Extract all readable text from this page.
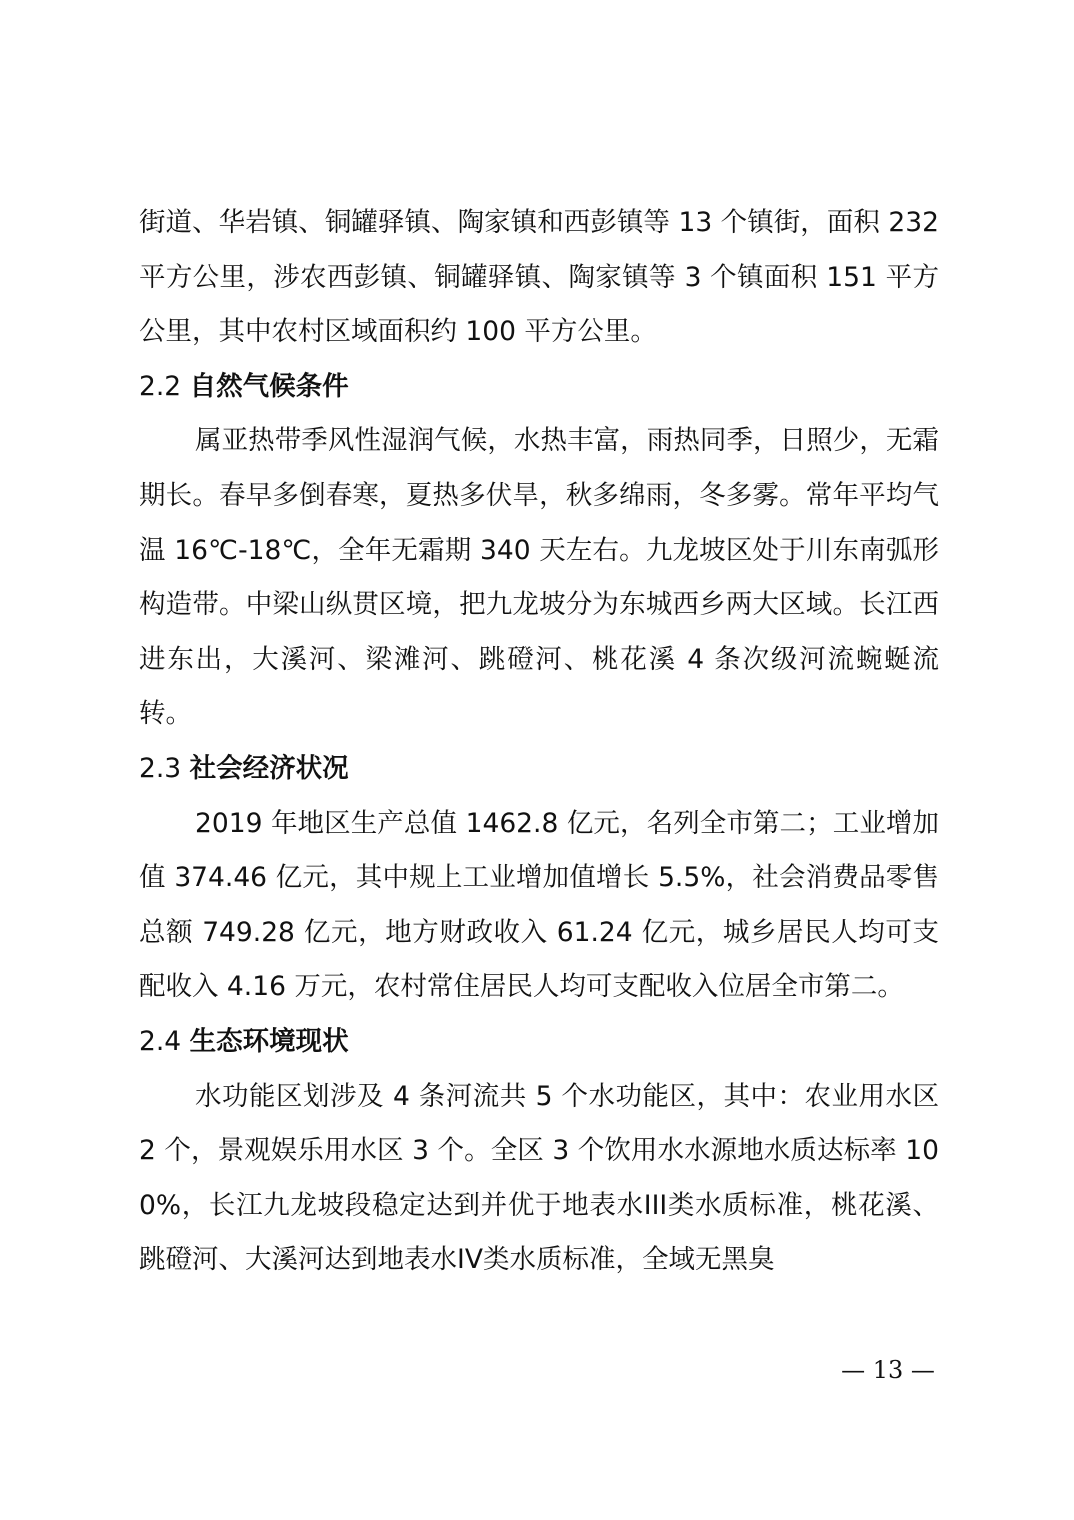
街道、华岩镇、铜罐驿镇、陶家镇和西彭镇等 13 个镇街，面积 232 平方公里，涉农西彭镇、铜罐驿镇、陶家镇等 3 个镇面积 151 平方公里，其中农村区域面积约 100 平方公里。

2.2 自然气候条件

属亚热带季风性湿润气候，水热丰富，雨热同季，日照少，无霜期长。春早多倒春寒，夏热多伏旱，秋多绵雨，冬多雾。常年平均气温 16℃-18℃，全年无霜期 340 天左右。九龙坡区处于川东南弧形构造带。中梁山纵贯区境，把九龙坡分为东城西乡两大区域。长江西进东出，大溪河、梁滩河、跳磴河、桃花溪 4 条次级河流蜿蜒流转。

2.3 社会经济状况

2019 年地区生产总值 1462.8 亿元，名列全市第二；工业增加值 374.46 亿元，其中规上工业增加值增长 5.5%，社会消费品零售总额 749.28 亿元，地方财政收入 61.24 亿元，城乡居民人均可支配收入 4.16 万元，农村常住居民人均可支配收入位居全市第二。

2.4 生态环境现状

水功能区划涉及 4 条河流共 5 个水功能区，其中：农业用水区 2 个，景观娱乐用水区 3 个。全区 3 个饮用水水源地水质达标率 100%，长江九龙坡段稳定达到并优于地表水III类水质标准，桃花溪、跳磴河、大溪河达到地表水IV类水质标准，全域无黑臭

— 13 —
